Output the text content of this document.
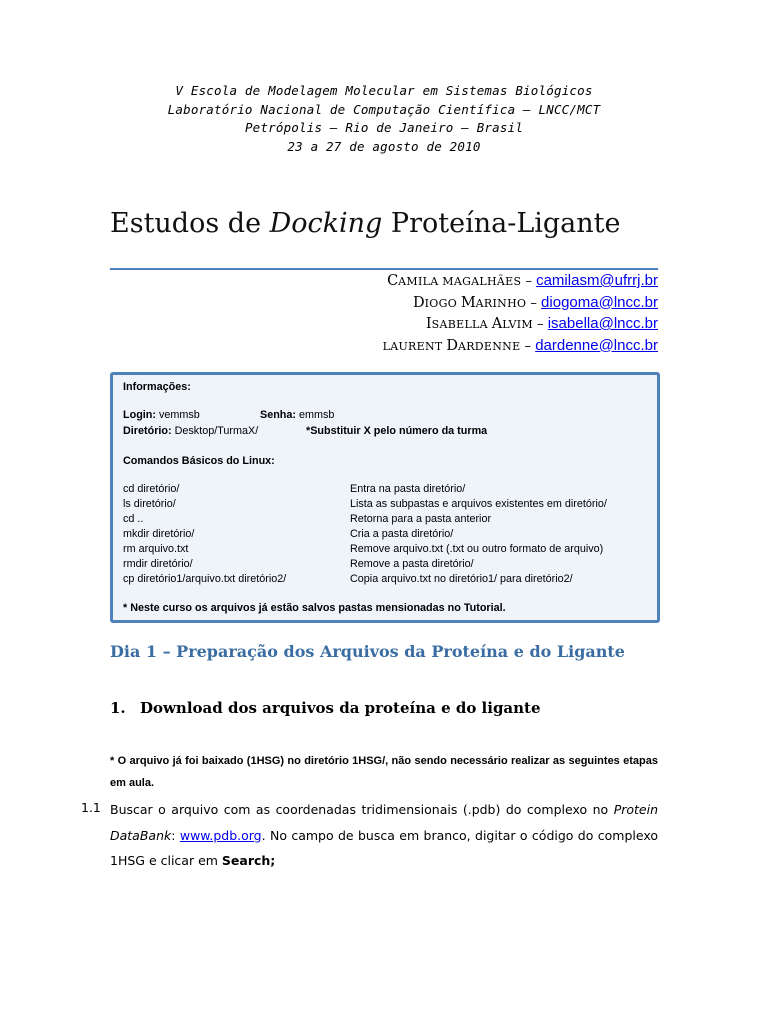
V Escola de Modelagem Molecular em Sistemas Biológicos
Laboratório Nacional de Computação Científica – LNCC/MCT
Petrópolis – Rio de Janeiro – Brasil
23 a 27 de agosto de 2010
Estudos de Docking Proteína-Ligante
CAMILA MAGALHÃES – camilasm@ufrrj.br
DIOGO MARINHO – diogoma@lncc.br
ISABELLA ALVIM – isabella@lncc.br
LAURENT DARDENNE – dardenne@lncc.br
Informações:
Login: vemmsb	Senha: emmsb
Diretório: Desktop/TurmaX/	*Substituir X pelo número da turma
Comandos Básicos do Linux:
cd diretório/	Entra na pasta diretório/
ls diretório/	Lista as subpastas e arquivos existentes em diretório/
cd ..	Retorna para a pasta anterior
mkdir diretório/	Cria a pasta diretório/
rm arquivo.txt	Remove arquivo.txt (.txt ou outro formato de arquivo)
rmdir diretório/	Remove a pasta diretório/
cp diretório1/arquivo.txt diretório2/	Copia arquivo.txt no diretório1/ para diretório2/
* Neste curso os arquivos já estão salvos pastas mensionadas no Tutorial.
Dia 1 – Preparação dos Arquivos da Proteína e do Ligante
1. Download dos arquivos da proteína e do ligante
* O arquivo já foi baixado (1HSG) no diretório 1HSG/, não sendo necessário realizar as seguintes etapas em aula.
1.1 Buscar o arquivo com as coordenadas tridimensionais (.pdb) do complexo no Protein DataBank: www.pdb.org. No campo de busca em branco, digitar o código do complexo 1HSG e clicar em Search;
